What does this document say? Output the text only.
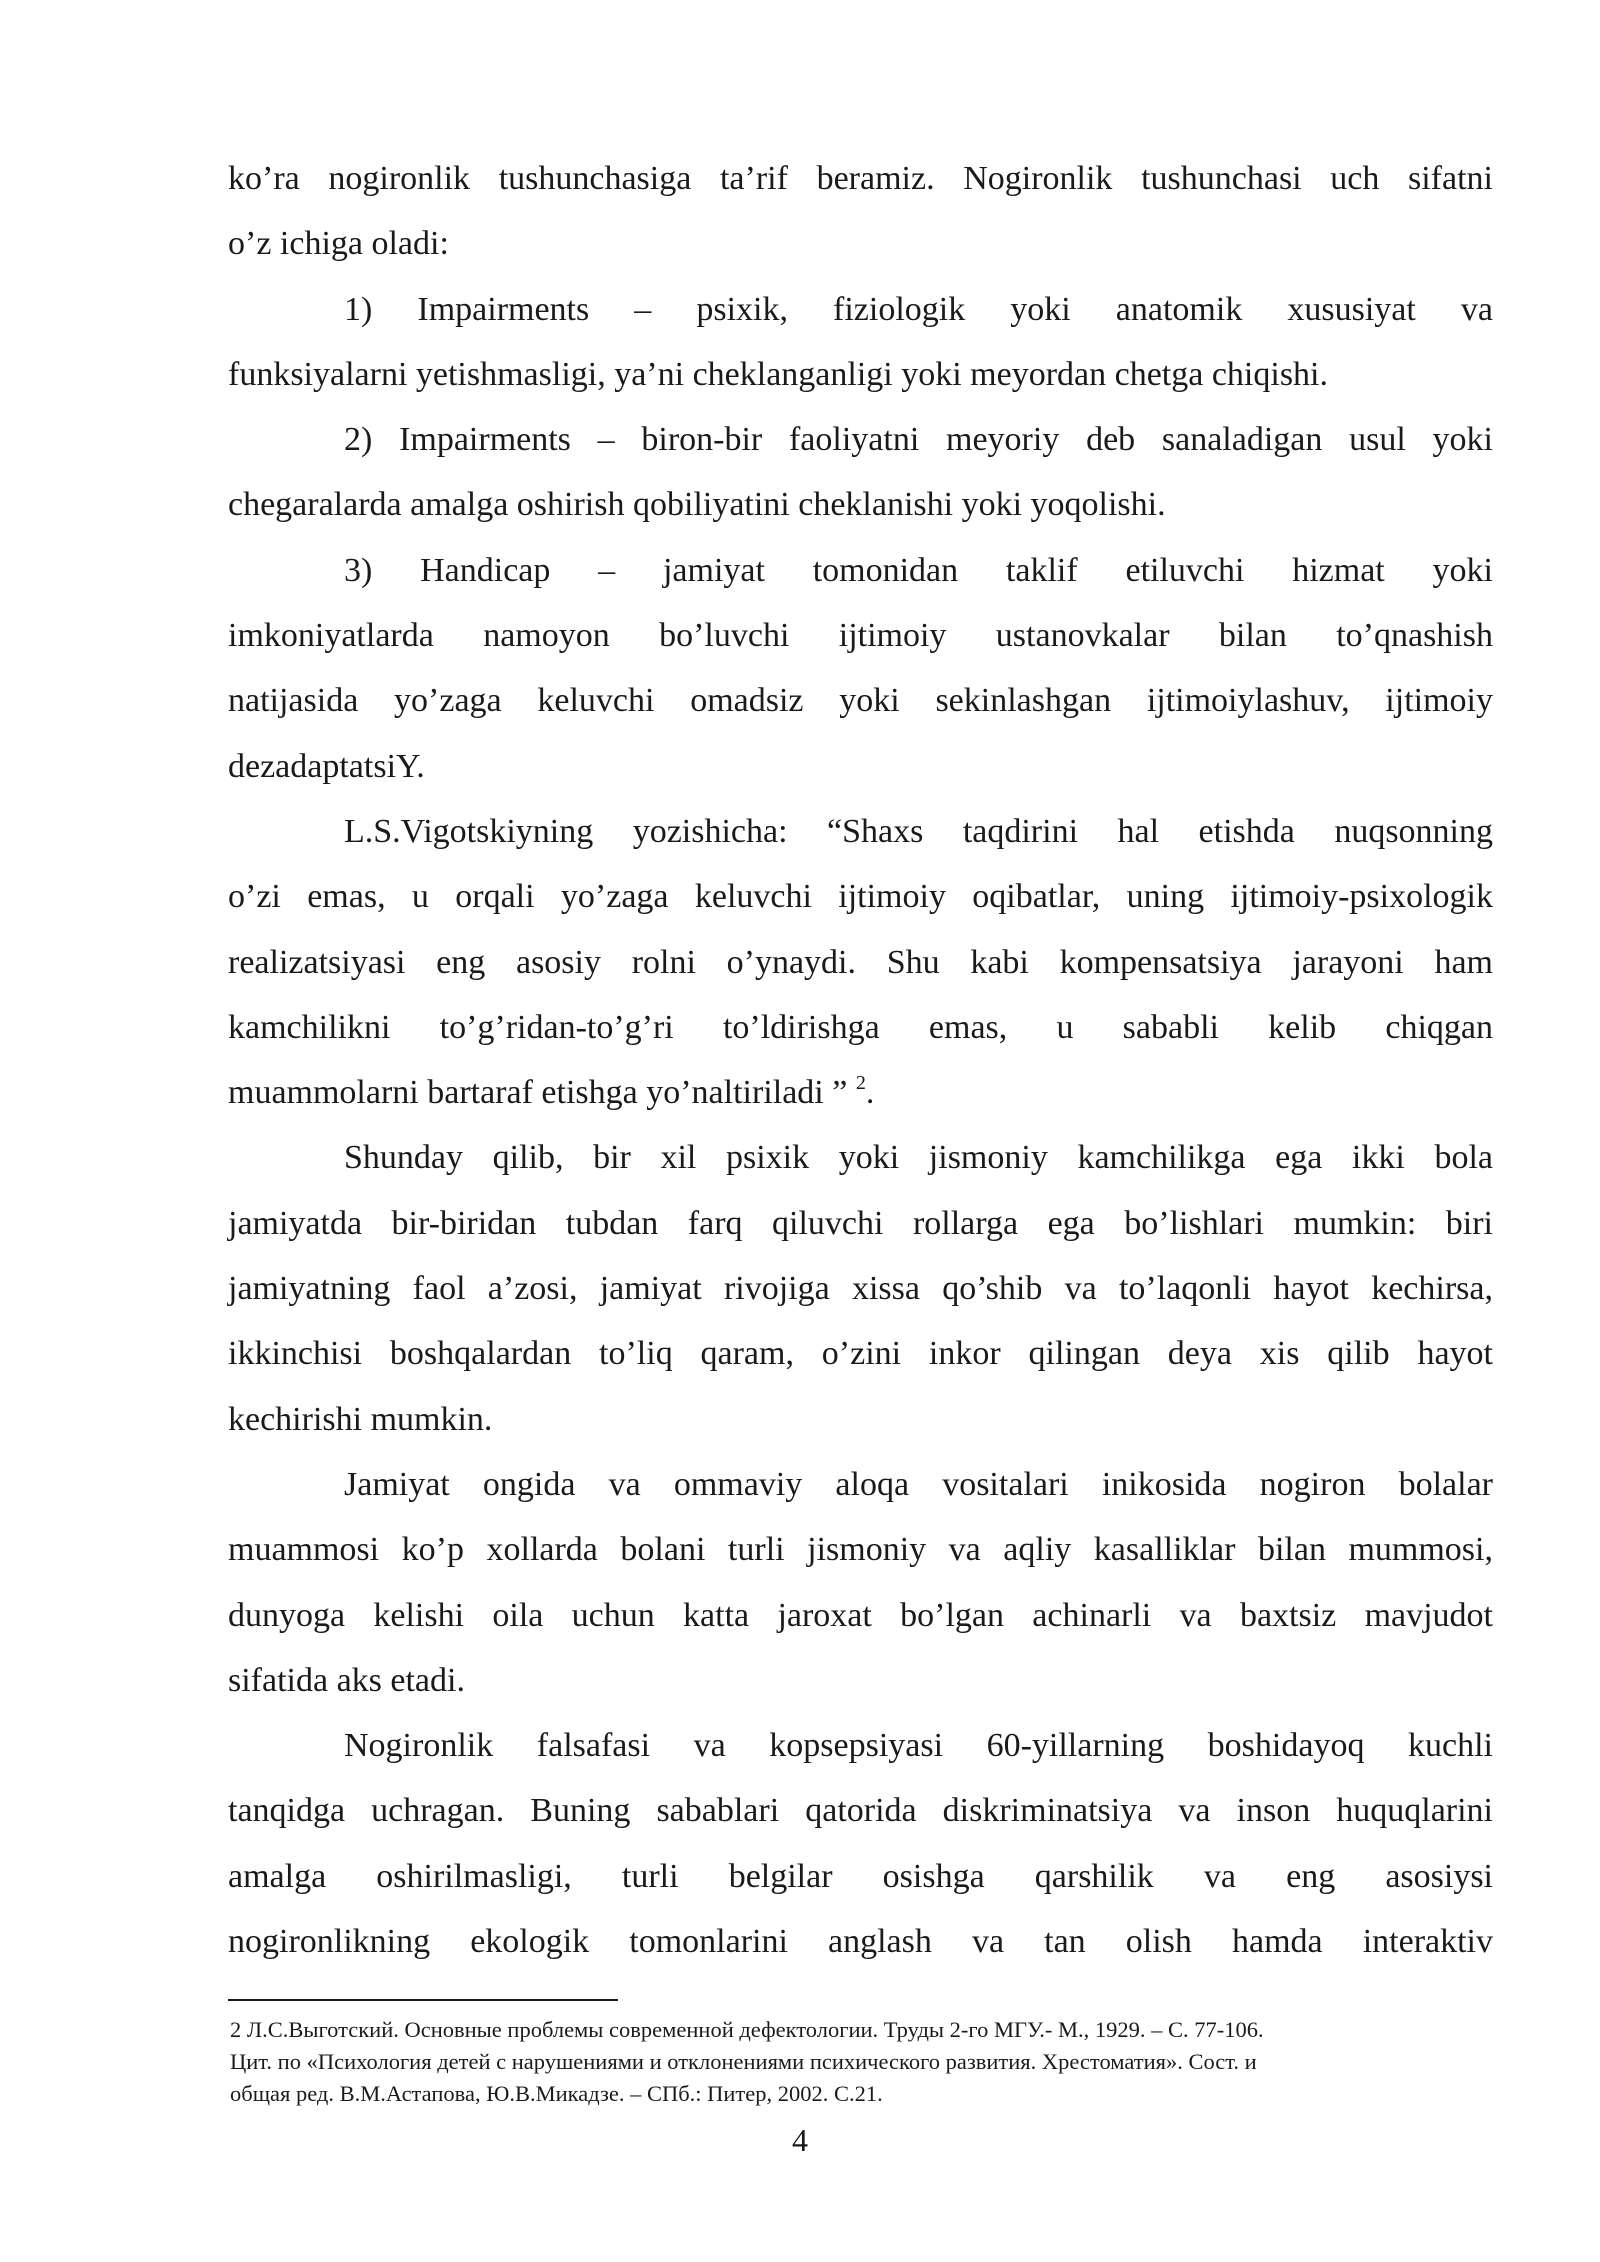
ko’ra nogironlik tushunchasiga ta’rif beramiz. Nogironlik tushunchasi uch sifatni
o’z ichiga oladi:
1) Impairments – psixik, fiziologik yoki anatomik xususiyat va
funksiyalarni yetishmasligi, ya’ni cheklanganligi yoki meyordan chetga chiqishi.
2) Impairments – biron-bir faoliyatni meyoriy deb sanaladigan usul yoki
chegaralarda amalga oshirish qobiliyatini cheklanishi yoki yoqolishi.
3) Handicap – jamiyat tomonidan taklif etiluvchi hizmat yoki
imkoniyatlarda namoyon bo’luvchi ijtimoiy ustanovkalar bilan to’qnashish
natijasida yo’zaga keluvchi omadsiz yoki sekinlashgan ijtimoiylashuv, ijtimoiy
dezadaptatsiY.
L.S.Vigotskiyning yozishicha: “Shaxs taqdirini hal etishda nuqsonning
o’zi emas, u orqali yo’zaga keluvchi ijtimoiy oqibatlar, uning ijtimoiy-psixologik
realizatsiyasi eng asosiy rolni o’ynaydi. Shu kabi kompensatsiya jarayoni ham
kamchilikni to’g’ridan-to’g’ri to’ldirishga emas, u sababli kelib chiqgan
muammolarni bartaraf etishga yo’naltiriladi ” $^2$.
Shunday qilib, bir xil psixik yoki jismoniy kamchilikga ega ikki bola
jamiyatda bir-biridan tubdan farq qiluvchi rollarga ega bo’lishlari mumkin: biri
jamiyatning faol a’zosi, jamiyat rivojiga xissa qo’shib va to’laqonli hayot kechirsa,
ikkinchisi boshqalardan to’liq qaram, o’zini inkor qilingan deya xis qilib hayot
kechirishi mumkin.
Jamiyat ongida va ommaviy aloqa vositalari inikosida nogiron bolalar
muammosi ko’p xollarda bolani turli jismoniy va aqliy kasalliklar bilan mummosi,
dunyoga kelishi oila uchun katta jaroxat bo’lgan achinarli va baxtsiz mavjudot
sifatida aks etadi.
Nogironlik falsafasi va kopsepsiyasi 60-yillarning boshidayoq kuchli
tanqidga uchragan. Buning sabablari qatorida diskriminatsiya va inson huquqlarini
amalga oshirilmasligi, turli belgilar osishga qarshilik va eng asosiysi
nogironlikning ekologik tomonlarini anglash va tan olish hamda interaktiv
2 Л.С.Выготский. Основные проблемы современной дефектологии. Труды 2-го МГУ.- М., 1929. – С. 77-106.
Цит. по «Психология детей с нарушениями и отклонениями психического развития. Хрестоматия». Сост. и
общая ред. В.М.Астапова, Ю.В.Микадзе. – СПб.: Питер, 2002. С.21.
4
